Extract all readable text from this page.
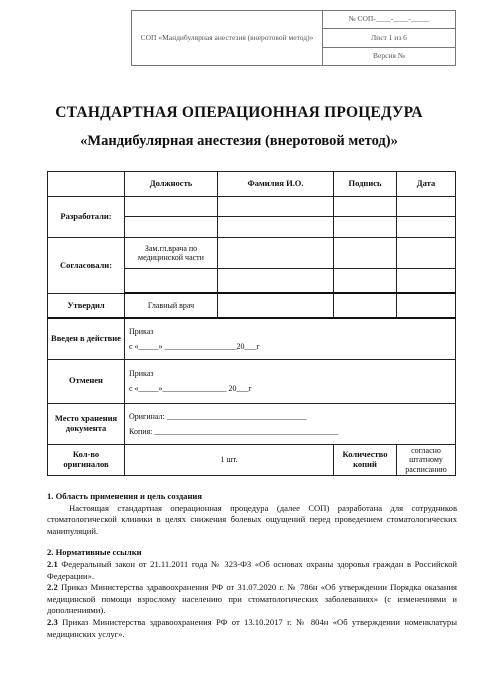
СОП «Мандибулярная анестезия (внеротовой метод)»	№ СОП-____-____-_____
Лист 1 из 6
Версия №
СТАНДАРТНАЯ ОПЕРАЦИОННАЯ ПРОЦЕДУРА
«Мандибулярная анестезия (внеротовой метод)»
	Должность	Фамилия И.О.	Подпись	Дата
Разработали:				

Согласовали:	Зам.гл.врача по медицинской части			

Утвердил	Главный врач			
Введен в действие	Приказ
с «_____» __________________20___г			

Отменен	Приказ
с «_____»________________ 20___г			

Место хранения документа	Оригинал: ___________________________________
Копия: ______________________________________________			

Кол-во оригиналов	1 шт.		Количество копий	согласно штатному расписанию

1. Область применения и цель создания

Настоящая стандартная операционная процедура (далее СОП) разработана для сотрудников стоматологической клиники в целях снижения болевых ощущений перед проведением стоматологических манипуляций.

2. Нормативные ссылки

2.1 Федеральный закон от 21.11.2011 года № 323-ФЗ «Об основах охраны здоровья граждан в Российской Федерации».

2.2 Приказ Министерства здравоохранения РФ от 31.07.2020 г. № 786н «Об утверждении Порядка оказания медицинской помощи взрослому населению при стоматологических заболеваниях» (с изменениями и дополнениями).

2.3 Приказ Министерства здравоохранения РФ от 13.10.2017 г. № 804н «Об утверждении номенклатуры медицинских услуг».
